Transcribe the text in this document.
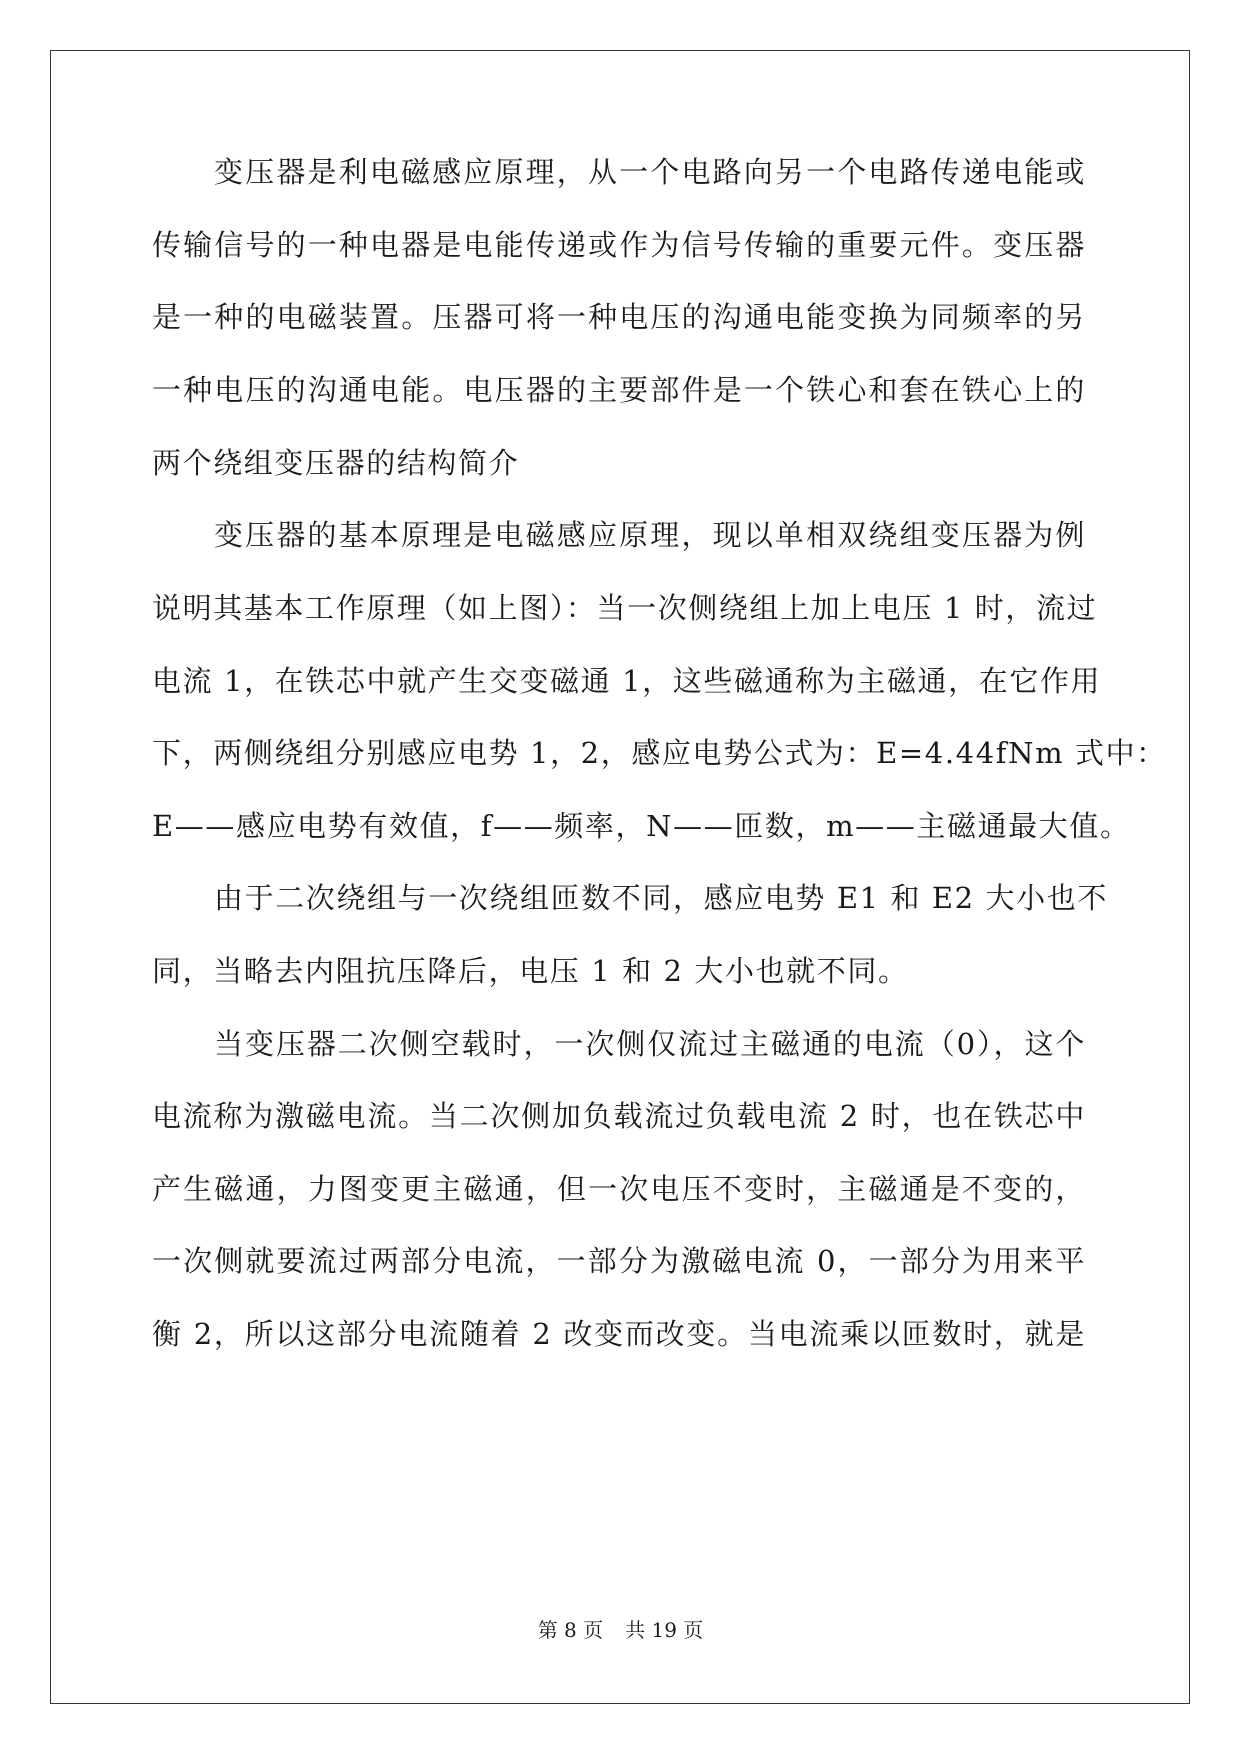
变压器是利电磁感应原理，从一个电路向另一个电路传递电能或
传输信号的一种电器是电能传递或作为信号传输的重要元件。变压器
是一种的电磁装置。压器可将一种电压的沟通电能变换为同频率的另
一种电压的沟通电能。电压器的主要部件是一个铁心和套在铁心上的
两个绕组变压器的结构简介
变压器的基本原理是电磁感应原理，现以单相双绕组变压器为例
说明其基本工作原理（如上图）：当一次侧绕组上加上电压 1 时，流过
电流 1，在铁芯中就产生交变磁通 1，这些磁通称为主磁通，在它作用
下，两侧绕组分别感应电势 1，2，感应电势公式为：E=4.44fNm 式中：
E——感应电势有效值，f——频率，N——匝数，m——主磁通最大值。
由于二次绕组与一次绕组匝数不同，感应电势 E1 和 E2 大小也不
同，当略去内阻抗压降后，电压 1 和 2 大小也就不同。
当变压器二次侧空载时，一次侧仅流过主磁通的电流（0），这个
电流称为激磁电流。当二次侧加负载流过负载电流 2 时，也在铁芯中
产生磁通，力图变更主磁通，但一次电压不变时，主磁通是不变的，
一次侧就要流过两部分电流，一部分为激磁电流 0，一部分为用来平
衡 2，所以这部分电流随着 2 改变而改变。当电流乘以匝数时，就是
第 8 页 共 19 页
